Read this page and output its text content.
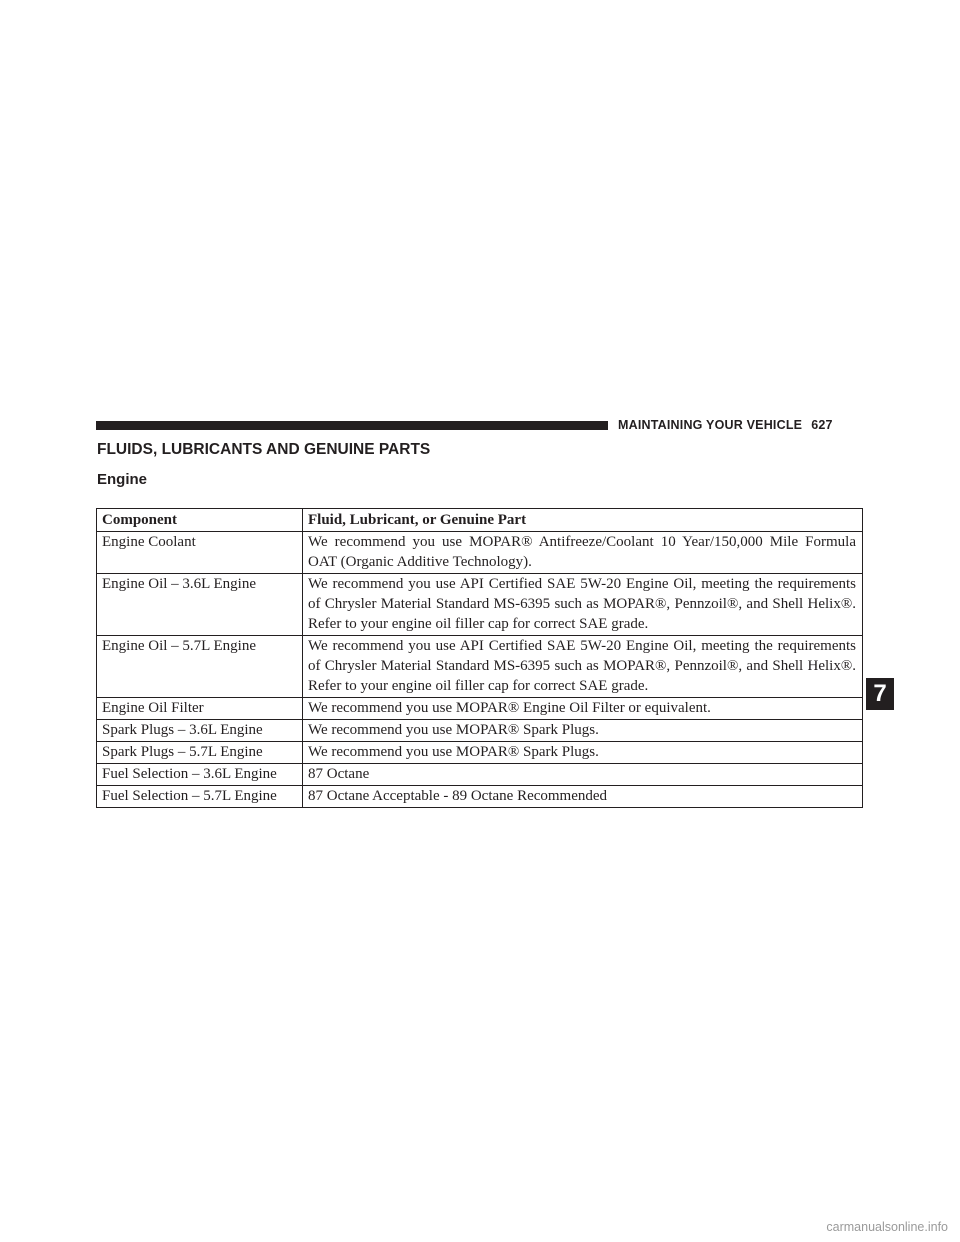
MAINTAINING YOUR VEHICLE 627
FLUIDS, LUBRICANTS AND GENUINE PARTS
Engine
Component	Fluid, Lubricant, or Genuine Part
Engine Coolant	We recommend you use MOPAR® Antifreeze/Coolant 10 Year/150,000 Mile Formula OAT (Organic Additive Technology).
Engine Oil – 3.6L Engine	We recommend you use API Certified SAE 5W-20 Engine Oil, meeting the requirements of Chrysler Material Standard MS-6395 such as MOPAR®, Pennzoil®, and Shell Helix®. Refer to your engine oil filler cap for correct SAE grade.
Engine Oil – 5.7L Engine	We recommend you use API Certified SAE 5W-20 Engine Oil, meeting the requirements of Chrysler Material Standard MS-6395 such as MOPAR®, Pennzoil®, and Shell Helix®. Refer to your engine oil filler cap for correct SAE grade.
Engine Oil Filter	We recommend you use MOPAR® Engine Oil Filter or equivalent.
Spark Plugs – 3.6L Engine	We recommend you use MOPAR® Spark Plugs.
Spark Plugs – 5.7L Engine	We recommend you use MOPAR® Spark Plugs.
Fuel Selection – 3.6L Engine	87 Octane
Fuel Selection – 5.7L Engine	87 Octane Acceptable - 89 Octane Recommended
7
carmanualsonline.info
